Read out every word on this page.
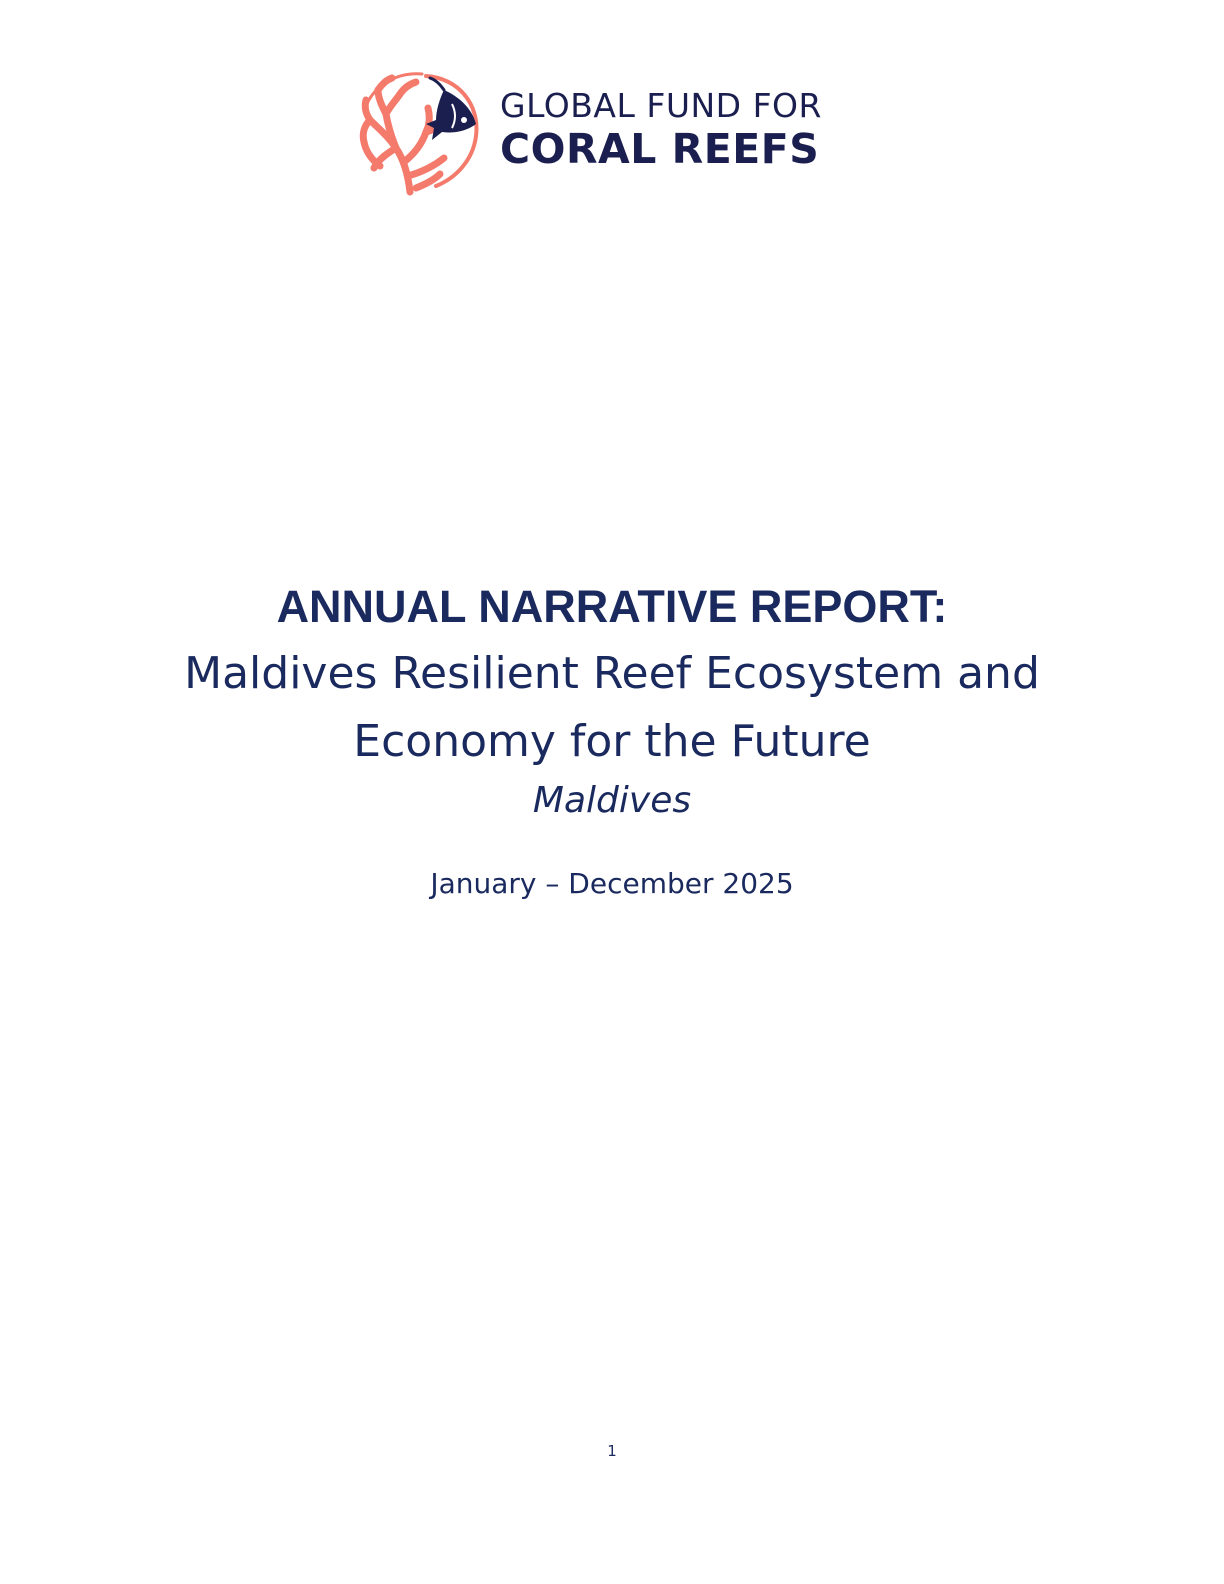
GLOBAL FUND FOR
CORAL REEFS
ANNUAL NARRATIVE REPORT:
Maldives Resilient Reef Ecosystem and
Economy for the Future
Maldives
January – December 2025
1
